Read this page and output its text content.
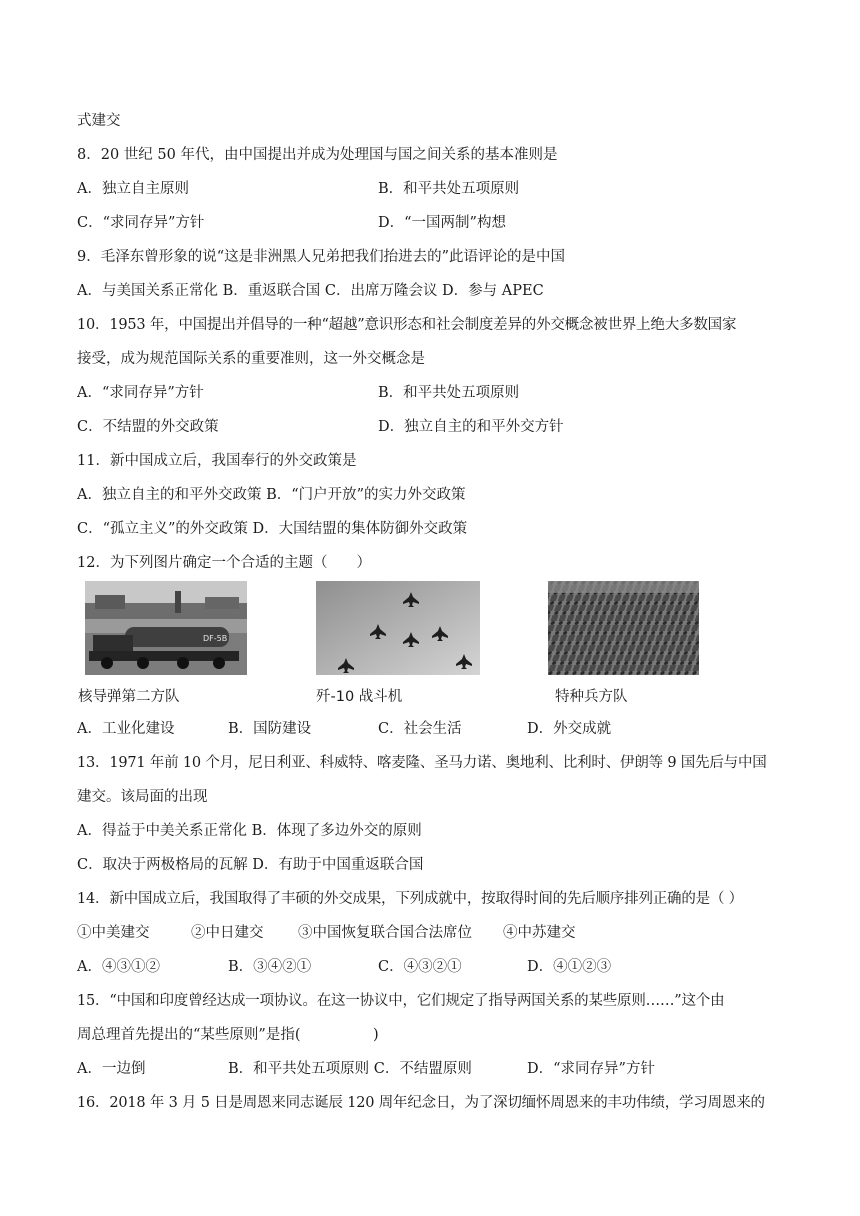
式建交
8．20 世纪 50 年代，由中国提出并成为处理国与国之间关系的基本准则是
A．独立自主原则	B．和平共处五项原则
C．“求同存异”方针	D．“一国两制”构想
9．毛泽东曾形象的说“这是非洲黑人兄弟把我们抬进去的”此语评论的是中国
A．与美国关系正常化 B．重返联合国 C．出席万隆会议 D．参与 APEC
10．1953 年，中国提出并倡导的一种“超越”意识形态和社会制度差异的外交概念被世界上绝大多数国家
接受，成为规范国际关系的重要准则，这一外交概念是
A．“求同存异”方针	B．和平共处五项原则
C．不结盟的外交政策	D．独立自主的和平外交方针
11．新中国成立后，我国奉行的外交政策是
A．独立自主的和平外交政策 B．“门户开放”的实力外交政策
C．“孤立主义”的外交政策 D．大国结盟的集体防御外交政策
12．为下列图片确定一个合适的主题（　　）
DF-5B
核导弹第二方队	歼-10 战斗机	特种兵方队
A．工业化建设	B．国防建设	C．社会生活	D．外交成就
13．1971 年前 10 个月，尼日利亚、科威特、喀麦隆、圣马力诺、奥地利、比利时、伊朗等 9 国先后与中国
建交。该局面的出现
A．得益于中美关系正常化 B．体现了多边外交的原则
C．取决于两极格局的瓦解 D．有助于中国重返联合国
14．新中国成立后，我国取得了丰硕的外交成果，下列成就中，按取得时间的先后顺序排列正确的是（ ）
①中美建交	②中日建交 ③中国恢复联合国合法席位 ④中苏建交
A．④③①②	B．③④②①	C．④③②①	D．④①②③
15．“中国和印度曾经达成一项协议。在这一协议中，它们规定了指导两国关系的某些原则……”这个由
周总理首先提出的“某些原则”是指(　　　　　)
A．一边倒	B．和平共处五项原则 C．不结盟原则	D．“求同存异”方针
16．2018 年 3 月 5 日是周恩来同志诞辰 120 周年纪念日，为了深切缅怀周恩来的丰功伟绩，学习周恩来的
